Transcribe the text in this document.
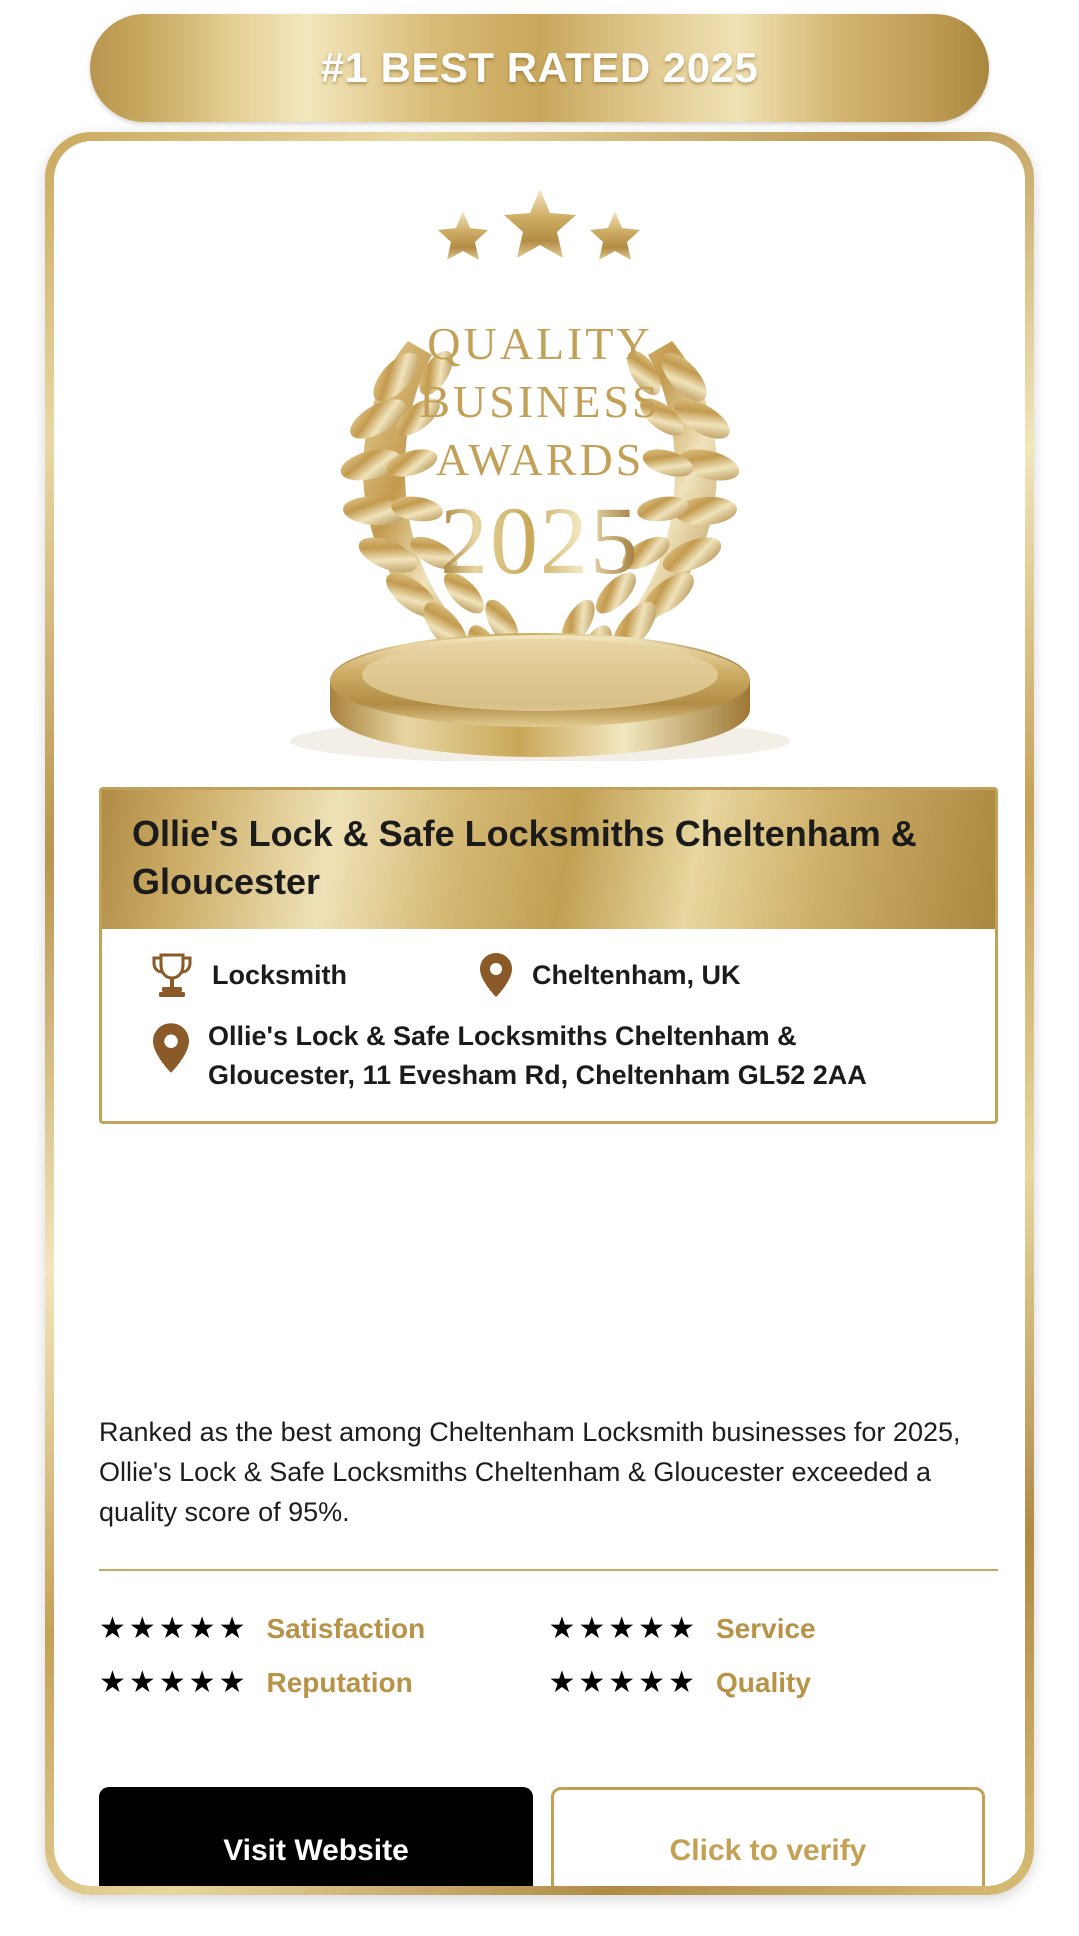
#1 BEST RATED 2025
QUALITY
BUSINESS
AWARDS
2025
Ollie's Lock & Safe Locksmiths Cheltenham & Gloucester
Locksmith	Cheltenham, UK
Ollie's Lock & Safe Locksmiths Cheltenham & Gloucester, 11 Evesham Rd, Cheltenham GL52 2AA
Ranked as the best among Cheltenham Locksmith businesses for 2025, Ollie's Lock & Safe Locksmiths Cheltenham & Gloucester exceeded a quality score of 95%.
★★★★★ Satisfaction	★★★★★ Service
★★★★★ Reputation	★★★★★ Quality
Visit Website	Click to verify
